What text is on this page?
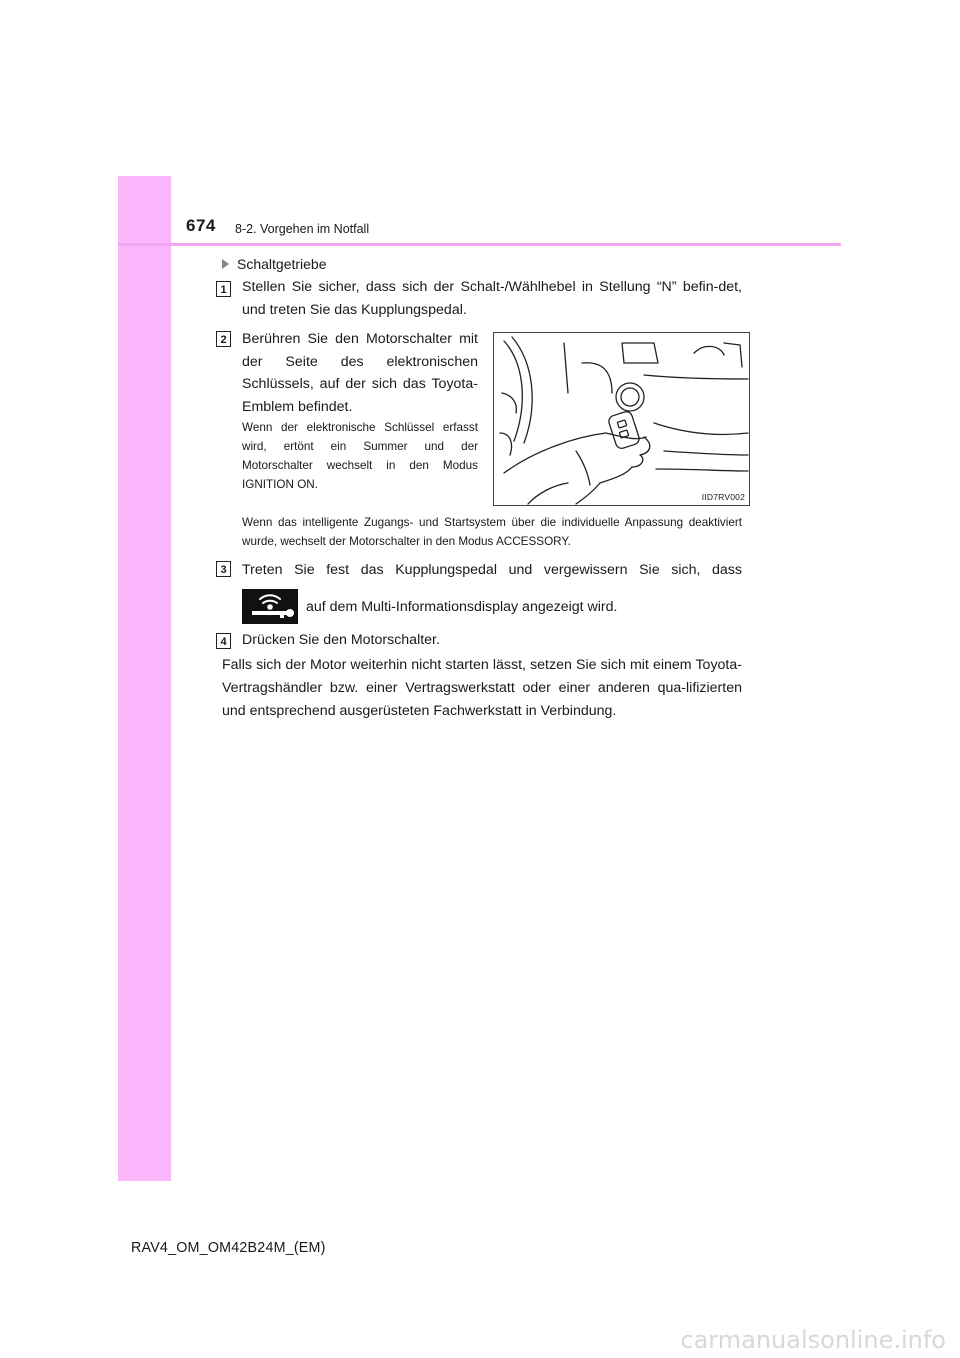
674 8-2. Vorgehen im Notfall
Schaltgetriebe
1	Stellen Sie sicher, dass sich der Schalt-/Wählhebel in Stellung “N” befin-det, und treten Sie das Kupplungspedal.
2	Berühren Sie den Motorschalter mit der Seite des elektronischen Schlüssels, auf der sich das Toyota-Emblem befindet.
Wenn der elektronische Schlüssel erfasst wird, ertönt ein Summer und der Motorschalter wechselt in den Modus IGNITION ON.
Wenn das intelligente Zugangs- und Startsystem über die individuelle Anpassung deaktiviert wurde, wechselt der Motorschalter in den Modus ACCESSORY.
IID7RV002
3	Treten Sie fest das Kupplungspedal und vergewissern Sie sich, dass
auf dem Multi-Informationsdisplay angezeigt wird.
4	Drücken Sie den Motorschalter.
Falls sich der Motor weiterhin nicht starten lässt, setzen Sie sich mit einem Toyota-Vertragshändler bzw. einer Vertragswerkstatt oder einer anderen qua-lifizierten und entsprechend ausgerüsteten Fachwerkstatt in Verbindung.
RAV4_OM_OM42B24M_(EM)
carmanualsonline.info
